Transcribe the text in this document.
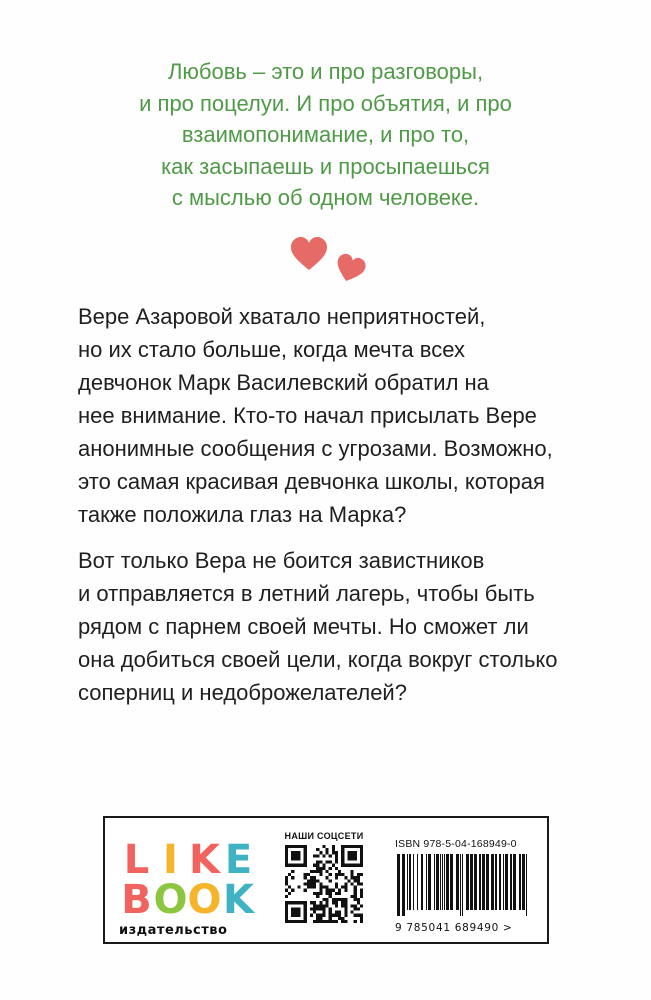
Любовь – это и про разговоры,
и про поцелуи. И про объятия, и про
взаимопонимание, и про то,
как засыпаешь и просыпаешься
с мыслью об одном человеке.
Вере Азаровой хватало неприятностей,
но их стало больше, когда мечта всех
девчонок Марк Василевский обратил на
нее внимание. Кто-то начал присылать Вере
анонимные сообщения с угрозами. Возможно,
это самая красивая девчонка школы, которая
также положила глаз на Марка?
Вот только Вера не боится завистников
и отправляется в летний лагерь, чтобы быть
рядом с парнем своей мечты. Но сможет ли
она добиться своей цели, когда вокруг столько
соперниц и недоброжелателей?
L I K E
B O O K
издательство
НАШИ СОЦСЕТИ
ISBN 978-5-04-168949-0
9 785041 689490 >
